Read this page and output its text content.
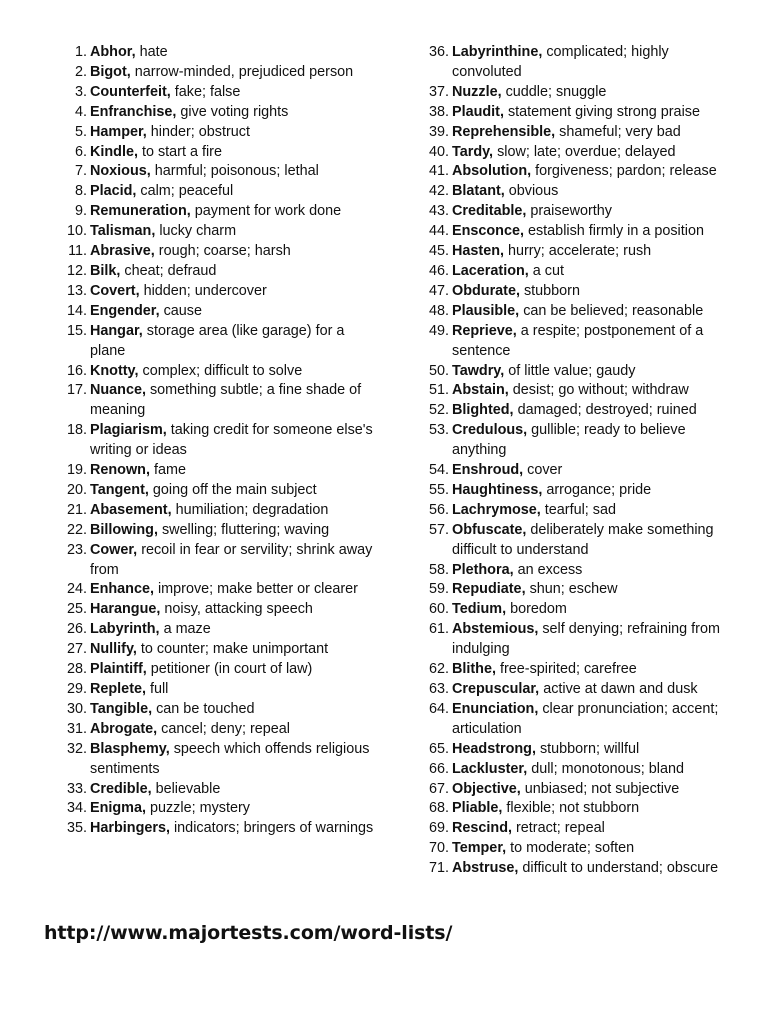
1. Abhor, hate
2. Bigot, narrow-minded, prejudiced person
3. Counterfeit, fake; false
4. Enfranchise, give voting rights
5. Hamper, hinder; obstruct
6. Kindle, to start a fire
7. Noxious, harmful; poisonous; lethal
8. Placid, calm; peaceful
9. Remuneration, payment for work done
10. Talisman, lucky charm
11. Abrasive, rough; coarse; harsh
12. Bilk, cheat; defraud
13. Covert, hidden; undercover
14. Engender, cause
15. Hangar, storage area (like garage) for a plane
16. Knotty, complex; difficult to solve
17. Nuance, something subtle; a fine shade of meaning
18. Plagiarism, taking credit for someone else's writing or ideas
19. Renown, fame
20. Tangent, going off the main subject
21. Abasement, humiliation; degradation
22. Billowing, swelling; fluttering; waving
23. Cower, recoil in fear or servility; shrink away from
24. Enhance, improve; make better or clearer
25. Harangue, noisy, attacking speech
26. Labyrinth, a maze
27. Nullify, to counter; make unimportant
28. Plaintiff, petitioner (in court of law)
29. Replete, full
30. Tangible, can be touched
31. Abrogate, cancel; deny; repeal
32. Blasphemy, speech which offends religious sentiments
33. Credible, believable
34. Enigma, puzzle; mystery
35. Harbingers, indicators; bringers of warnings
36. Labyrinthine, complicated; highly convoluted
37. Nuzzle, cuddle; snuggle
38. Plaudit, statement giving strong praise
39. Reprehensible, shameful; very bad
40. Tardy, slow; late; overdue; delayed
41. Absolution, forgiveness; pardon; release
42. Blatant, obvious
43. Creditable, praiseworthy
44. Ensconce, establish firmly in a position
45. Hasten, hurry; accelerate; rush
46. Laceration, a cut
47. Obdurate, stubborn
48. Plausible, can be believed; reasonable
49. Reprieve, a respite; postponement of a sentence
50. Tawdry, of little value; gaudy
51. Abstain, desist; go without; withdraw
52. Blighted, damaged; destroyed; ruined
53. Credulous, gullible; ready to believe anything
54. Enshroud, cover
55. Haughtiness, arrogance; pride
56. Lachrymose, tearful; sad
57. Obfuscate, deliberately make something difficult to understand
58. Plethora, an excess
59. Repudiate, shun; eschew
60. Tedium, boredom
61. Abstemious, self denying; refraining from indulging
62. Blithe, free-spirited; carefree
63. Crepuscular, active at dawn and dusk
64. Enunciation, clear pronunciation; accent; articulation
65. Headstrong, stubborn; willful
66. Lackluster, dull; monotonous; bland
67. Objective, unbiased; not subjective
68. Pliable, flexible; not stubborn
69. Rescind, retract; repeal
70. Temper, to moderate; soften
71. Abstruse, difficult to understand; obscure
http://www.majortests.com/word-lists/
